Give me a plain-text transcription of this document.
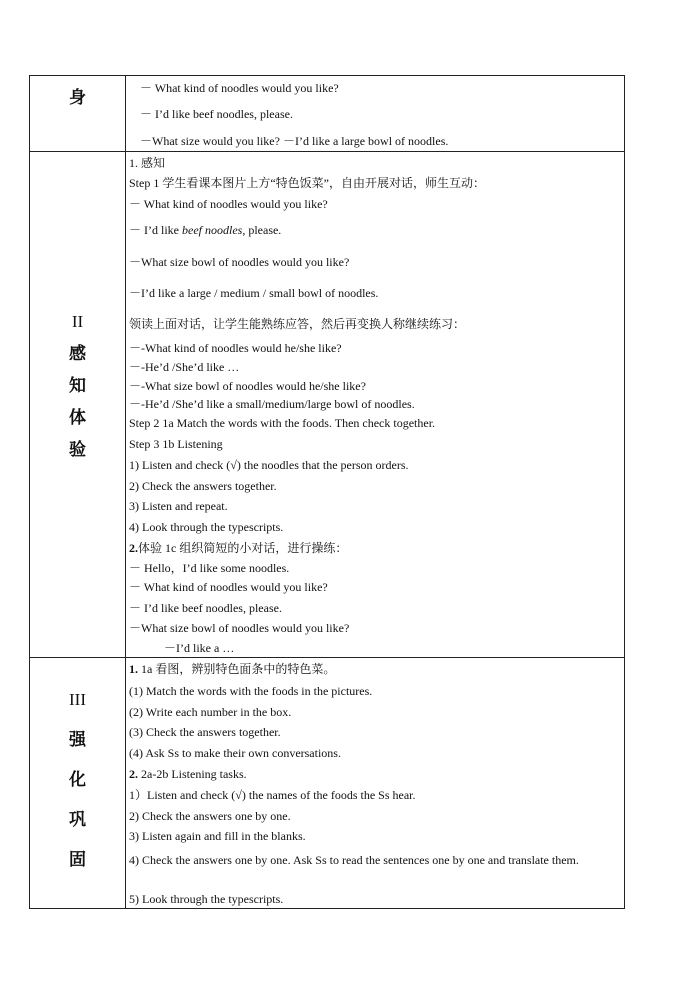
身	－ What kind of noodles would you like?
－ I’d like beef noodles, please.
－What size would you like? －I’d like a large bowl of noodles.
II
感
知
体
验
1. 感知
Step 1 学生看课本图片上方“特色饭菜”，自由开展对话，师生互动：
－ What kind of noodles would you like?
－ I’d like beef noodles, please.
－What size bowl of noodles would you like?
－I’d like a large / medium / small bowl of noodles.
领读上面对话，让学生能熟练应答，然后再变换人称继续练习：
－-What kind of noodles would he/she like?
－-He’d /She’d like …
－-What size bowl of noodles would he/she like?
－-He’d /She’d like a small/medium/large bowl of noodles.
Step 2 1a Match the words with the foods. Then check together.
Step 3 1b Listening
1) Listen and check (√) the noodles that the person orders.
2) Check the answers together.
3) Listen and repeat.
4) Look through the typescripts.
2.体验 1c 组织简短的小对话，进行操练：
－ Hello，I’d like some noodles.
－ What kind of noodles would you like?
－ I’d like beef noodles, please.
－What size bowl of noodles would you like?
－I’d like a …
III
强
化
巩
固
1. 1a 看图，辨别特色面条中的特色菜。
(1) Match the words with the foods in the pictures.
(2) Write each number in the box.
(3) Check the answers together.
(4) Ask Ss to make their own conversations.
2. 2a-2b Listening tasks.
1）Listen and check (√) the names of the foods the Ss hear.
2) Check the answers one by one.
3) Listen again and fill in the blanks.
4) Check the answers one by one. Ask Ss to read the sentences one by one and translate them.
5) Look through the typescripts.
